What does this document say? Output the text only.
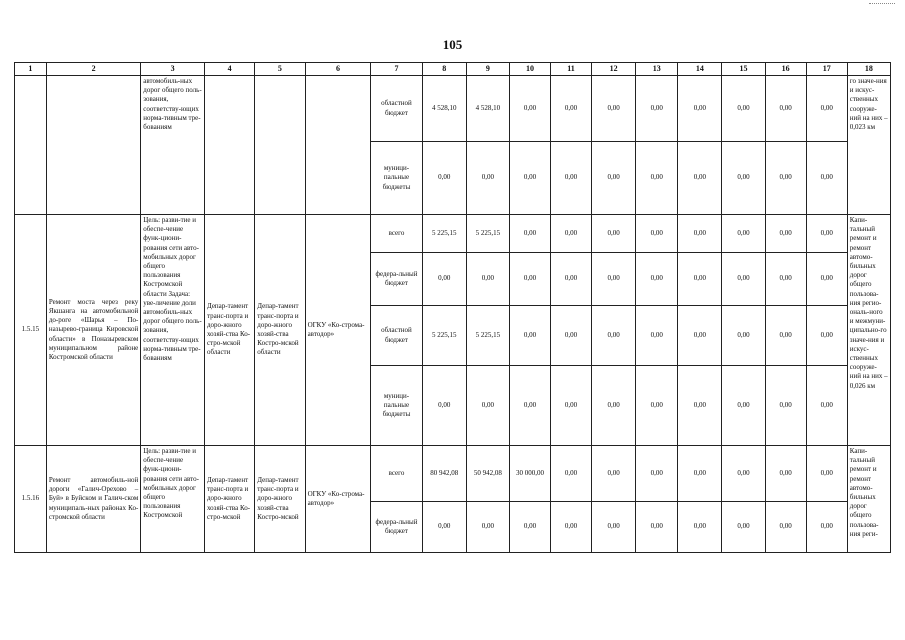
105
1	2	3	4	5	6	7	8	9	10	11	12	13	14	15	16	17	18
		автомобиль-ных дорог общего поль-зования, соответству-ющих норма-тивным тре-бованиям				областной бюджет	4 528,10	4 528,10	0,00	0,00	0,00	0,00	0,00	0,00	0,00	0,00	го значе-ния и искус-ственных сооруже-ний на них – 0,023 км
						муници-пальные бюджеты	0,00	0,00	0,00	0,00	0,00	0,00	0,00	0,00	0,00	0,00	
1.5.15	Ремонт моста через реку Якшанга на автомобильной до-роге «Шарья – По-назырево-граница Кировской области» в Поназыревском муниципальном районе Костромской области	Цель: разви-тие и обеспе-чение функ-циони-рования сети авто-мобильных дорог общего пользования Костромской области Задача: уве-личение доли автомобиль-ных дорог общего поль-зования, соответству-ющих норма-тивным тре-бованиям	Депар-тамент транс-порта и доро-жного хозяй-ства Ко-стро-мской области	Депар-тамент транс-порта и доро-жного хозяй-ства Костро-мской области	ОГКУ «Ко-строма-автодор»	всего	5 225,15	5 225,15	0,00	0,00	0,00	0,00	0,00	0,00	0,00	0,00	Капи-тальный ремонт и ремонт автомо-бильных дорог общего пользова-ния регио-ональ-ного и межмуни-ципально-го значе-ния и искус-ственных сооруже-ний на них – 0,026 км
						федера-льный бюджет	0,00	0,00	0,00	0,00	0,00	0,00	0,00	0,00	0,00	0,00	
						областной бюджет	5 225,15	5 225,15	0,00	0,00	0,00	0,00	0,00	0,00	0,00	0,00	
						муници-пальные бюджеты	0,00	0,00	0,00	0,00	0,00	0,00	0,00	0,00	0,00	0,00	
1.5.16	Ремонт автомобиль-ной дороги «Галич-Орехово –Буй» в Буйском и Галич-ском муниципаль-ных районах Ко-стромской области	Цель: разви-тие и обеспе-чение функ-циони-рования сети авто-мобильных дорог общего пользования Костромской	Депар-тамент транс-порта и доро-жного хозяй-ства Ко-стро-мской	Депар-тамент транс-порта и доро-жного хозяй-ства Костро-мской	ОГКУ «Ко-строма-автодор»	всего	80 942,08	50 942,08	30 000,00	0,00	0,00	0,00	0,00	0,00	0,00	0,00	Капи-тальный ремонт и ремонт автомо-бильных дорог общего пользова-ния реги-
						федера-льный бюджет	0,00	0,00	0,00	0,00	0,00	0,00	0,00	0,00	0,00	0,00	
